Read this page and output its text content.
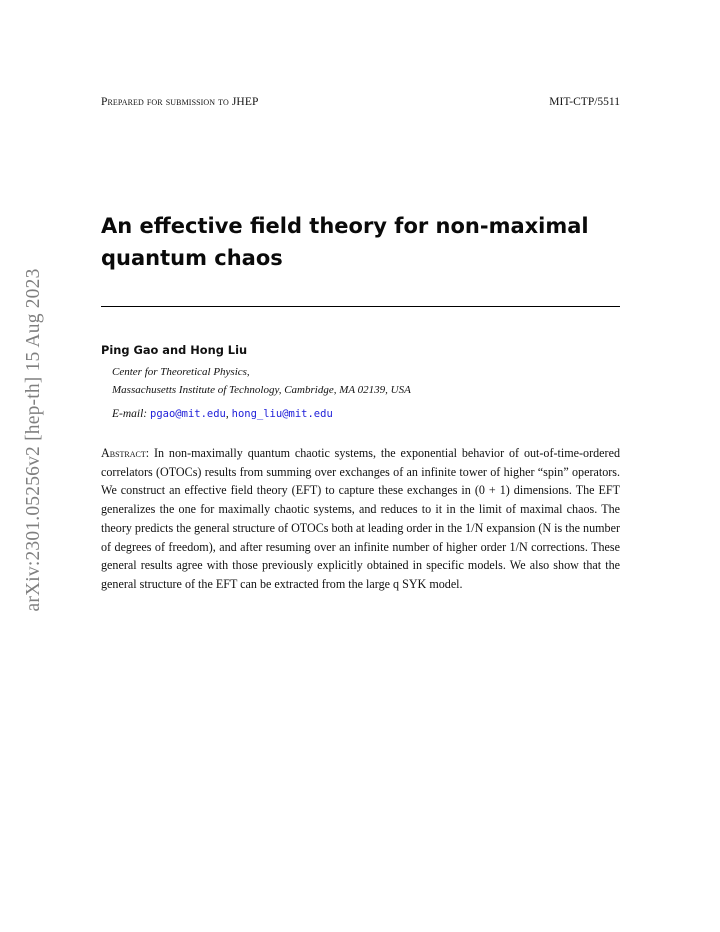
arXiv:2301.05256v2 [hep-th] 15 Aug 2023
Prepared for submission to JHEP	MIT-CTP/5511
An effective field theory for non-maximal quantum chaos
Ping Gao and Hong Liu
Center for Theoretical Physics,
Massachusetts Institute of Technology, Cambridge, MA 02139, USA
E-mail: pgao@mit.edu, hong_liu@mit.edu

Abstract: In non-maximally quantum chaotic systems, the exponential behavior of out-of-time-ordered correlators (OTOCs) results from summing over exchanges of an infinite tower of higher “spin” operators. We construct an effective field theory (EFT) to capture these exchanges in (0 + 1) dimensions. The EFT generalizes the one for maximally chaotic systems, and reduces to it in the limit of maximal chaos. The theory predicts the general structure of OTOCs both at leading order in the 1/N expansion (N is the number of degrees of freedom), and after resuming over an infinite number of higher order 1/N corrections. These general results agree with those previously explicitly obtained in specific models. We also show that the general structure of the EFT can be extracted from the large q SYK model.
